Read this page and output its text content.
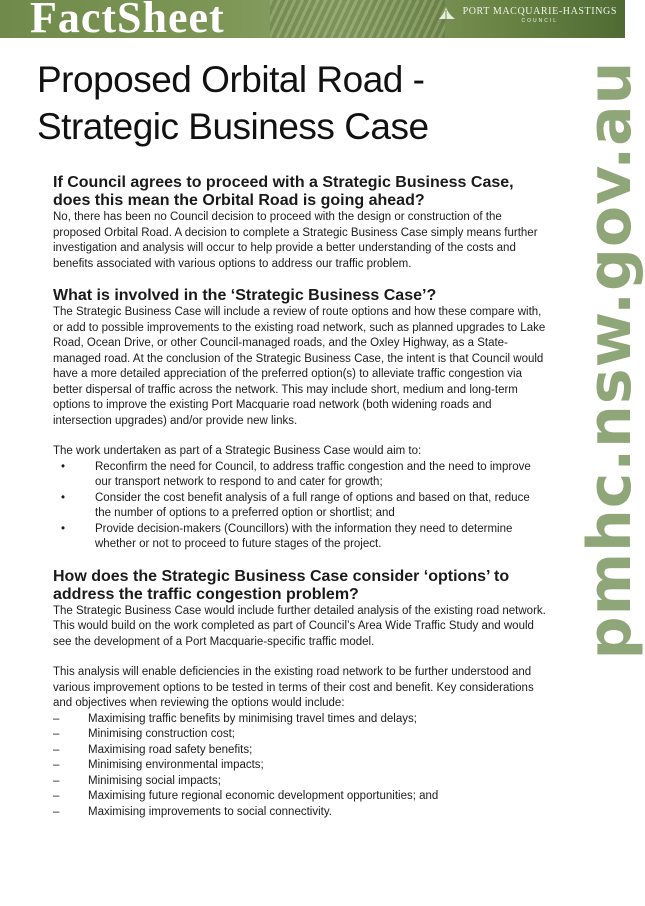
FactSheet	PORT MACQUARIE-HASTINGS
COUNCIL
Proposed Orbital Road - Strategic Business Case	pmhc.nsw.gov.au
If Council agrees to proceed with a Strategic Business Case, does this mean the Orbital Road is going ahead?

No, there has been no Council decision to proceed with the design or construction of the proposed Orbital Road. A decision to complete a Strategic Business Case simply means further investigation and analysis will occur to help provide a better understanding of the costs and benefits associated with various options to address our traffic problem.

What is involved in the ‘Strategic Business Case’?

The Strategic Business Case will include a review of route options and how these compare with, or add to possible improvements to the existing road network, such as planned upgrades to Lake Road, Ocean Drive, or other Council-managed roads, and the Oxley Highway, as a State-managed road. At the conclusion of the Strategic Business Case, the intent is that Council would have a more detailed appreciation of the preferred option(s) to alleviate traffic congestion via better dispersal of traffic across the network. This may include short, medium and long-term options to improve the existing Port Macquarie road network (both widening roads and intersection upgrades) and/or provide new links.

The work undertaken as part of a Strategic Business Case would aim to:

•	Reconfirm the need for Council, to address traffic congestion and the need to improve our transport network to respond to and cater for growth;
•	Consider the cost benefit analysis of a full range of options and based on that, reduce the number of options to a preferred option or shortlist; and
•	Provide decision-makers (Councillors) with the information they need to determine whether or not to proceed to future stages of the project.
How does the Strategic Business Case consider ‘options’ to address the traffic congestion problem?

The Strategic Business Case would include further detailed analysis of the existing road network. This would build on the work completed as part of Council’s Area Wide Traffic Study and would see the development of a Port Macquarie-specific traffic model.

This analysis will enable deficiencies in the existing road network to be further understood and various improvement options to be tested in terms of their cost and benefit. Key considerations and objectives when reviewing the options would include:

– Maximising traffic benefits by minimising travel times and delays;
– Minimising construction cost;
– Maximising road safety benefits;
– Minimising environmental impacts;
– Minimising social impacts;
– Maximising future regional economic development opportunities; and
– Maximising improvements to social connectivity.
